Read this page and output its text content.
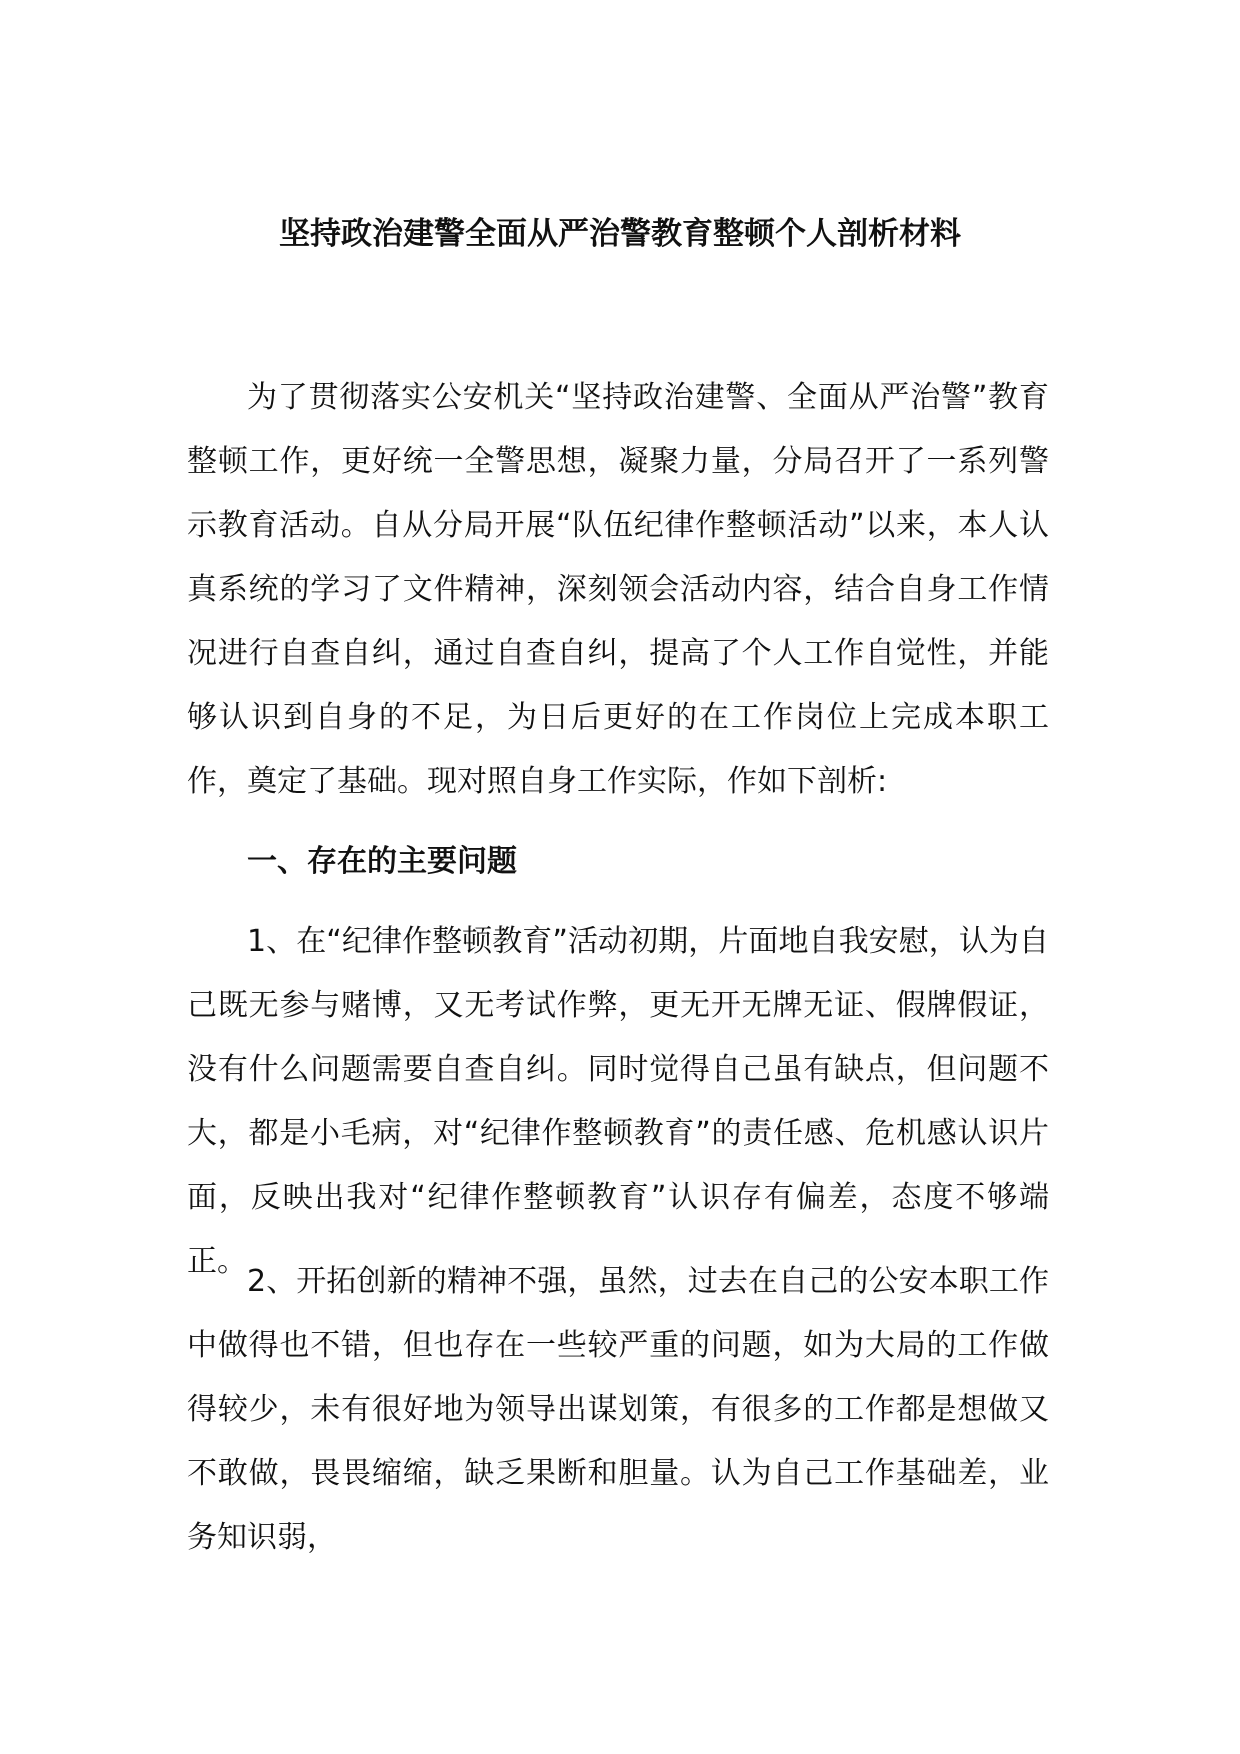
坚持政治建警全面从严治警教育整顿个人剖析材料

为了贯彻落实公安机关“坚持政治建警、全面从严治警”教育整顿工作，更好统一全警思想，凝聚力量，分局召开了一系列警示教育活动。自从分局开展“队伍纪律作整顿活动”以来，本人认真系统的学习了文件精神，深刻领会活动内容，结合自身工作情况进行自查自纠，通过自查自纠，提高了个人工作自觉性，并能够认识到自身的不足，为日后更好的在工作岗位上完成本职工作，奠定了基础。现对照自身工作实际，作如下剖析:

一、存在的主要问题

1、在“纪律作整顿教育”活动初期，片面地自我安慰，认为自己既无参与赌博，又无考试作弊，更无开无牌无证、假牌假证，没有什么问题需要自查自纠。同时觉得自己虽有缺点，但问题不大，都是小毛病，对“纪律作整顿教育”的责任感、危机感认识片面，反映出我对“纪律作整顿教育”认识存有偏差，态度不够端正。

2、开拓创新的精神不强，虽然，过去在自己的公安本职工作中做得也不错，但也存在一些较严重的问题，如为大局的工作做得较少，未有很好地为领导出谋划策，有很多的工作都是想做又不敢做，畏畏缩缩，缺乏果断和胆量。认为自己工作基础差，业务知识弱，
